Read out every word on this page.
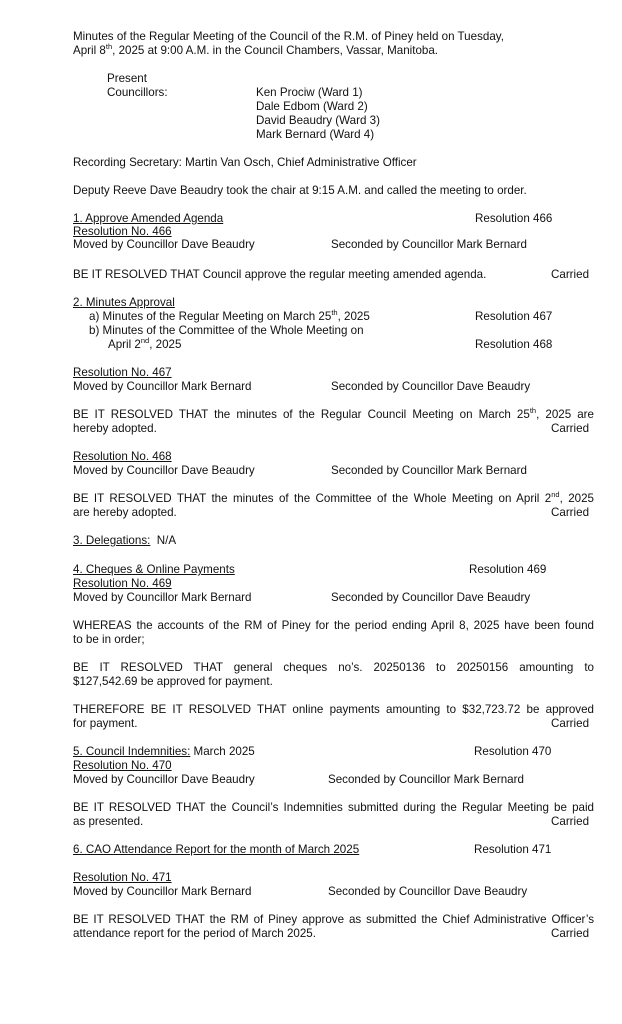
Minutes of the Regular Meeting of the Council of the R.M. of Piney held on Tuesday,
April 8th, 2025 at 9:00 A.M. in the Council Chambers, Vassar, Manitoba.
Present
Councillors:	Ken Prociw (Ward 1)
Dale Edbom (Ward 2)
David Beaudry (Ward 3)
Mark Bernard (Ward 4)
Recording Secretary: Martin Van Osch, Chief Administrative Officer
Deputy Reeve Dave Beaudry took the chair at 9:15 A.M. and called the meeting to order.
1. Approve Amended Agenda	Resolution 466
Resolution No. 466
Moved by Councillor Dave Beaudry	Seconded by Councillor Mark Bernard
BE IT RESOLVED THAT Council approve the regular meeting amended agenda.	Carried
2. Minutes Approval
a) Minutes of the Regular Meeting on March 25th, 2025	Resolution 467
b) Minutes of the Committee of the Whole Meeting on
April 2nd, 2025	Resolution 468
Resolution No. 467
Moved by Councillor Mark Bernard	Seconded by Councillor Dave Beaudry
BE IT RESOLVED THAT the minutes of the Regular Council Meeting on March 25th, 2025 are
hereby adopted.	Carried
Resolution No. 468
Moved by Councillor Dave Beaudry	Seconded by Councillor Mark Bernard
BE IT RESOLVED THAT the minutes of the Committee of the Whole Meeting on April 2nd, 2025
are hereby adopted.	Carried
3. Delegations: N/A
4. Cheques & Online Payments	Resolution 469
Resolution No. 469
Moved by Councillor Mark Bernard	Seconded by Councillor Dave Beaudry
WHEREAS the accounts of the RM of Piney for the period ending April 8, 2025 have been found
to be in order;
BE IT RESOLVED THAT general cheques no’s. 20250136 to 20250156 amounting to
$127,542.69 be approved for payment.
THEREFORE BE IT RESOLVED THAT online payments amounting to $32,723.72 be approved
for payment.	Carried
5. Council Indemnities: March 2025	Resolution 470
Resolution No. 470
Moved by Councillor Dave Beaudry	Seconded by Councillor Mark Bernard
BE IT RESOLVED THAT the Council’s Indemnities submitted during the Regular Meeting be paid
as presented.	Carried
6. CAO Attendance Report for the month of March 2025	Resolution 471
Resolution No. 471
Moved by Councillor Mark Bernard	Seconded by Councillor Dave Beaudry
BE IT RESOLVED THAT the RM of Piney approve as submitted the Chief Administrative Officer’s
attendance report for the period of March 2025.	Carried
